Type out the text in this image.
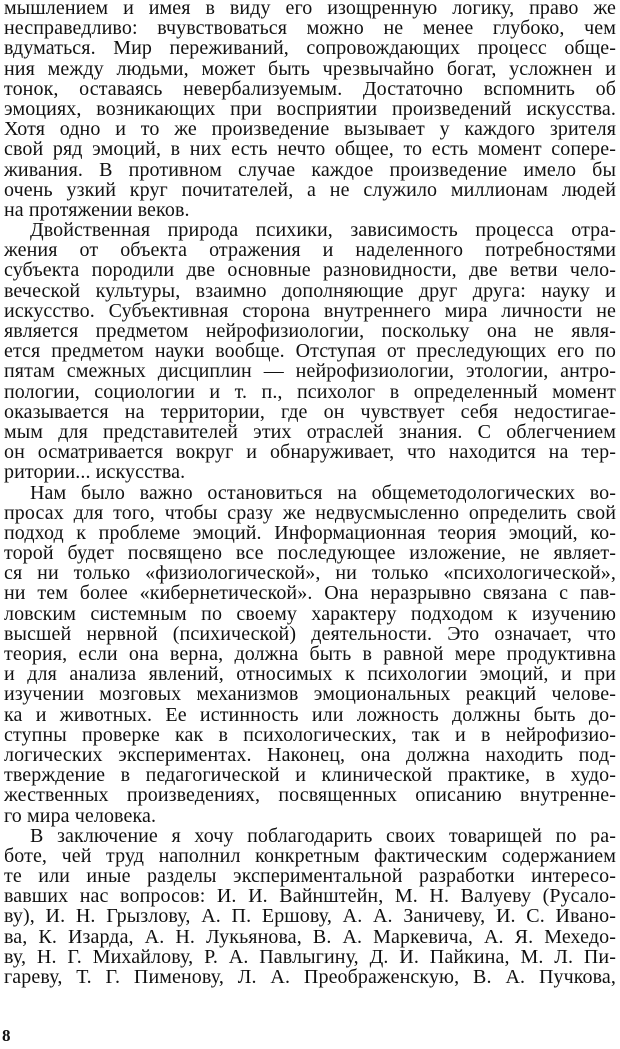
мышлением и имея в виду его изощренную логику, право же
несправедливо: вчувствоваться можно не менее глубоко, чем
вдуматься. Мир переживаний, сопровождающих процесс обще-
ния между людьми, может быть чрезвычайно богат, усложнен и
тонок, оставаясь невербализуемым. Достаточно вспомнить об
эмоциях, возникающих при восприятии произведений искусства.
Хотя одно и то же произведение вызывает у каждого зрителя
свой ряд эмоций, в них есть нечто общее, то есть момент сопере-
живания. В противном случае каждое произведение имело бы
очень узкий круг почитателей, а не служило миллионам людей
на протяжении веков.
Двойственная природа психики, зависимость процесса отра-
жения от объекта отражения и наделенного потребностями
субъекта породили две основные разновидности, две ветви чело-
веческой культуры, взаимно дополняющие друг друга: науку и
искусство. Субъективная сторона внутреннего мира личности не
является предметом нейрофизиологии, поскольку она не явля-
ется предметом науки вообще. Отступая от преследующих его по
пятам смежных дисциплин — нейрофизиологии, этологии, антро-
пологии, социологии и т. п., психолог в определенный момент
оказывается на территории, где он чувствует себя недостигае-
мым для представителей этих отраслей знания. С облегчением
он осматривается вокруг и обнаруживает, что находится на тер-
ритории... искусства.
Нам было важно остановиться на общеметодологических во-
просах для того, чтобы сразу же недвусмысленно определить свой
подход к проблеме эмоций. Информационная теория эмоций, ко-
торой будет посвящено все последующее изложение, не являет-
ся ни только «физиологической», ни только «психологической»,
ни тем более «кибернетической». Она неразрывно связана с пав-
ловским системным по своему характеру подходом к изучению
высшей нервной (психической) деятельности. Это означает, что
теория, если она верна, должна быть в равной мере продуктивна
и для анализа явлений, относимых к психологии эмоций, и при
изучении мозговых механизмов эмоциональных реакций челове-
ка и животных. Ее истинность или ложность должны быть до-
ступны проверке как в психологических, так и в нейрофизио-
логических экспериментах. Наконец, она должна находить под-
тверждение в педагогической и клинической практике, в худо-
жественных произведениях, посвященных описанию внутренне-
го мира человека.
В заключение я хочу поблагодарить своих товарищей по ра-
боте, чей труд наполнил конкретным фактическим содержанием
те или иные разделы экспериментальной разработки интересо-
вавших нас вопросов: И. И. Вайнштейн, М. Н. Валуеву (Русало-
ву), И. Н. Грызлову, А. П. Ершову, А. А. Заничеву, И. С. Ивано-
ва, К. Изарда, А. Н. Лукьянова, В. А. Маркевича, А. Я. Мехедо-
ву, Н. Г. Михайлову, Р. А. Павлыгину, Д. И. Пайкина, М. Л. Пи-
гареву, Т. Г. Пименову, Л. А. Преображенскую, В. А. Пучкова,
8
